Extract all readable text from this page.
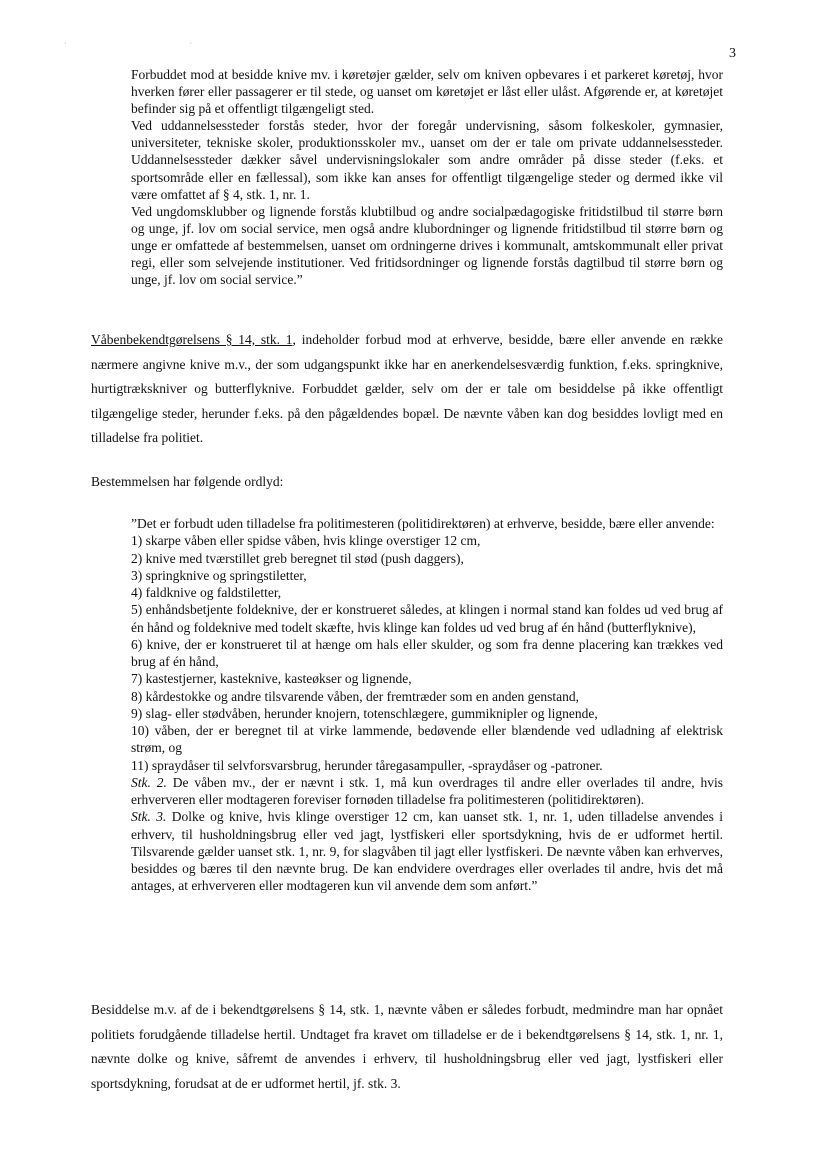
· ·
3

Forbuddet mod at besidde knive mv. i køretøjer gælder, selv om kniven opbevares i et parkeret køretøj, hvor hverken fører eller passagerer er til stede, og uanset om køretøjet er låst eller ulåst. Afgørende er, at køretøjet befinder sig på et offentligt tilgængeligt sted.

Ved uddannelsessteder forstås steder, hvor der foregår undervisning, såsom folkeskoler, gymnasier, universiteter, tekniske skoler, produktionsskoler mv., uanset om der er tale om private uddannelsessteder. Uddannelsessteder dækker såvel undervisningslokaler som andre områder på disse steder (f.eks. et sportsområde eller en fællessal), som ikke kan anses for offentligt tilgængelige steder og dermed ikke vil være omfattet af § 4, stk. 1, nr. 1.

Ved ungdomsklubber og lignende forstås klubtilbud og andre socialpædagogiske fritidstilbud til større børn og unge, jf. lov om social service, men også andre klubordninger og lignende fritidstilbud til større børn og unge er omfattede af bestemmelsen, uanset om ordningerne drives i kommunalt, amtskommunalt eller privat regi, eller som selvejende institutioner. Ved fritidsordninger og lignende forstås dagtilbud til større børn og unge, jf. lov om social service.”

Våbenbekendtgørelsens § 14, stk. 1, indeholder forbud mod at erhverve, besidde, bære eller anvende en række nærmere angivne knive m.v., der som udgangspunkt ikke har en anerkendelsesværdig funktion, f.eks. springknive, hurtigtrækskniver og butterflyknive. Forbuddet gælder, selv om der er tale om besiddelse på ikke offentligt tilgængelige steder, herunder f.eks. på den pågældendes bopæl. De nævnte våben kan dog besiddes lovligt med en tilladelse fra politiet.

Bestemmelsen har følgende ordlyd:

”Det er forbudt uden tilladelse fra politimesteren (politidirektøren) at erhverve, besidde, bære eller anvende:

1) skarpe våben eller spidse våben, hvis klinge overstiger 12 cm,

2) knive med tværstillet greb beregnet til stød (push daggers),

3) springknive og springstiletter,

4) faldknive og faldstiletter,

5) enhåndsbetjente foldeknive, der er konstrueret således, at klingen i normal stand kan foldes ud ved brug af én hånd og foldeknive med todelt skæfte, hvis klinge kan foldes ud ved brug af én hånd (butterflyknive),

6) knive, der er konstrueret til at hænge om hals eller skulder, og som fra denne placering kan trækkes ved brug af én hånd,

7) kastestjerner, kasteknive, kasteøkser og lignende,

8) kårdestokke og andre tilsvarende våben, der fremtræder som en anden genstand,

9) slag- eller stødvåben, herunder knojern, totenschlægere, gummiknipler og lignende,

10) våben, der er beregnet til at virke lammende, bedøvende eller blændende ved udladning af elektrisk strøm, og

11) spraydåser til selvforsvarsbrug, herunder tåregasampuller, -spraydåser og -patroner.

Stk. 2. De våben mv., der er nævnt i stk. 1, må kun overdrages til andre eller overlades til andre, hvis erhververen eller modtageren foreviser fornøden tilladelse fra politimesteren (politidirektøren).

Stk. 3. Dolke og knive, hvis klinge overstiger 12 cm, kan uanset stk. 1, nr. 1, uden tilladelse anvendes i erhverv, til husholdningsbrug eller ved jagt, lystfiskeri eller sportsdykning, hvis de er udformet hertil. Tilsvarende gælder uanset stk. 1, nr. 9, for slagvåben til jagt eller lystfiskeri. De nævnte våben kan erhverves, besiddes og bæres til den nævnte brug. De kan endvidere overdrages eller overlades til andre, hvis det må antages, at erhververen eller modtageren kun vil anvende dem som anført.”

Besiddelse m.v. af de i bekendtgørelsens § 14, stk. 1, nævnte våben er således forbudt, medmindre man har opnået politiets forudgående tilladelse hertil. Undtaget fra kravet om tilladelse er de i bekendtgørelsens § 14, stk. 1, nr. 1, nævnte dolke og knive, såfremt de anvendes i erhverv, til husholdningsbrug eller ved jagt, lystfiskeri eller sportsdykning, forudsat at de er udformet hertil, jf. stk. 3.
